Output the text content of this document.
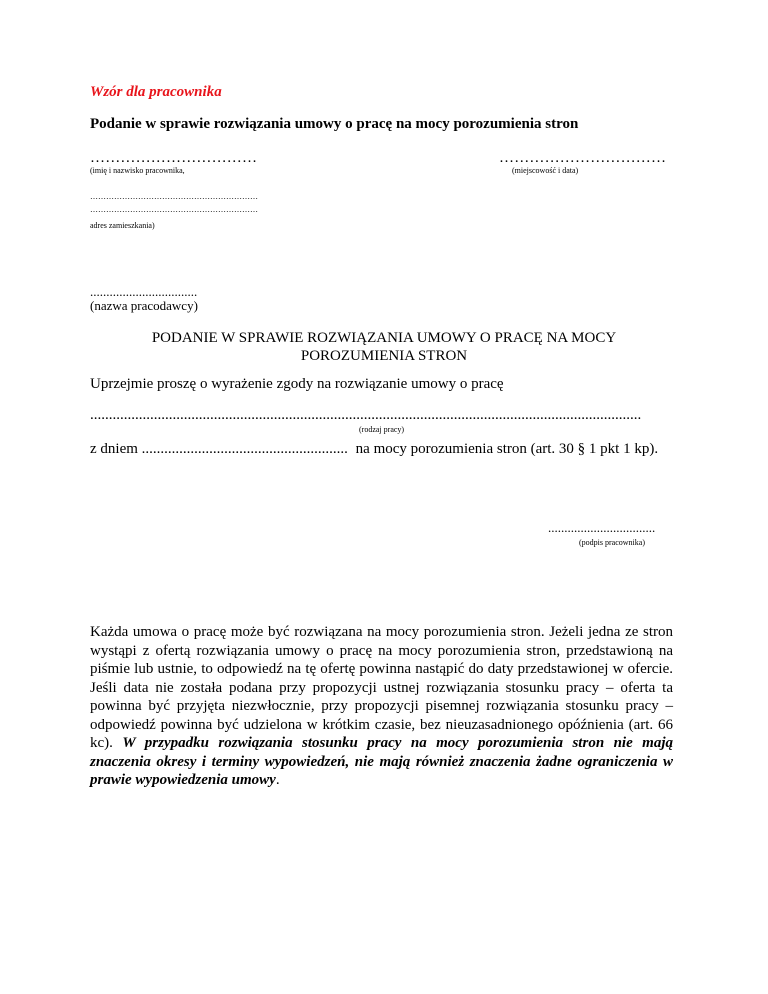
Wzór dla pracownika
Podanie w sprawie rozwiązania umowy o pracę na mocy porozumienia stron
……………………………
(imię i nazwisko pracownika,
……………………………
(miejscowość i data)
………………………………………………………
………………………………………………………
adres zamieszkania)
.................................
(nazwa pracodawcy)
PODANIE W SPRAWIE ROZWIĄZANIA UMOWY O PRACĘ NA MOCY
POROZUMIENIA STRON
Uprzejmie proszę o wyrażenie zgody na rozwiązanie umowy o pracę
...................................................................................................................................................
(rodzaj pracy)
z dniem ....................................................... na mocy porozumienia stron (art. 30 § 1 pkt 1 kp).
.................................
(podpis pracownika)
Każda umowa o pracę może być rozwiązana na mocy porozumienia stron. Jeżeli jedna ze stron wystąpi z ofertą rozwiązania umowy o pracę na mocy porozumienia stron, przedstawioną na piśmie lub ustnie, to odpowiedź na tę ofertę powinna nastąpić do daty przedstawionej w ofercie. Jeśli data nie została podana przy propozycji ustnej rozwiązania stosunku pracy – oferta ta powinna być przyjęta niezwłocznie, przy propozycji pisemnej rozwiązania stosunku pracy – odpowiedź powinna być udzielona w krótkim czasie, bez nieuzasadnionego opóźnienia (art. 66 kc). W przypadku rozwiązania stosunku pracy na mocy porozumienia stron nie mają znaczenia okresy i terminy wypowiedzeń, nie mają również znaczenia żadne ograniczenia w prawie wypowiedzenia umowy.
